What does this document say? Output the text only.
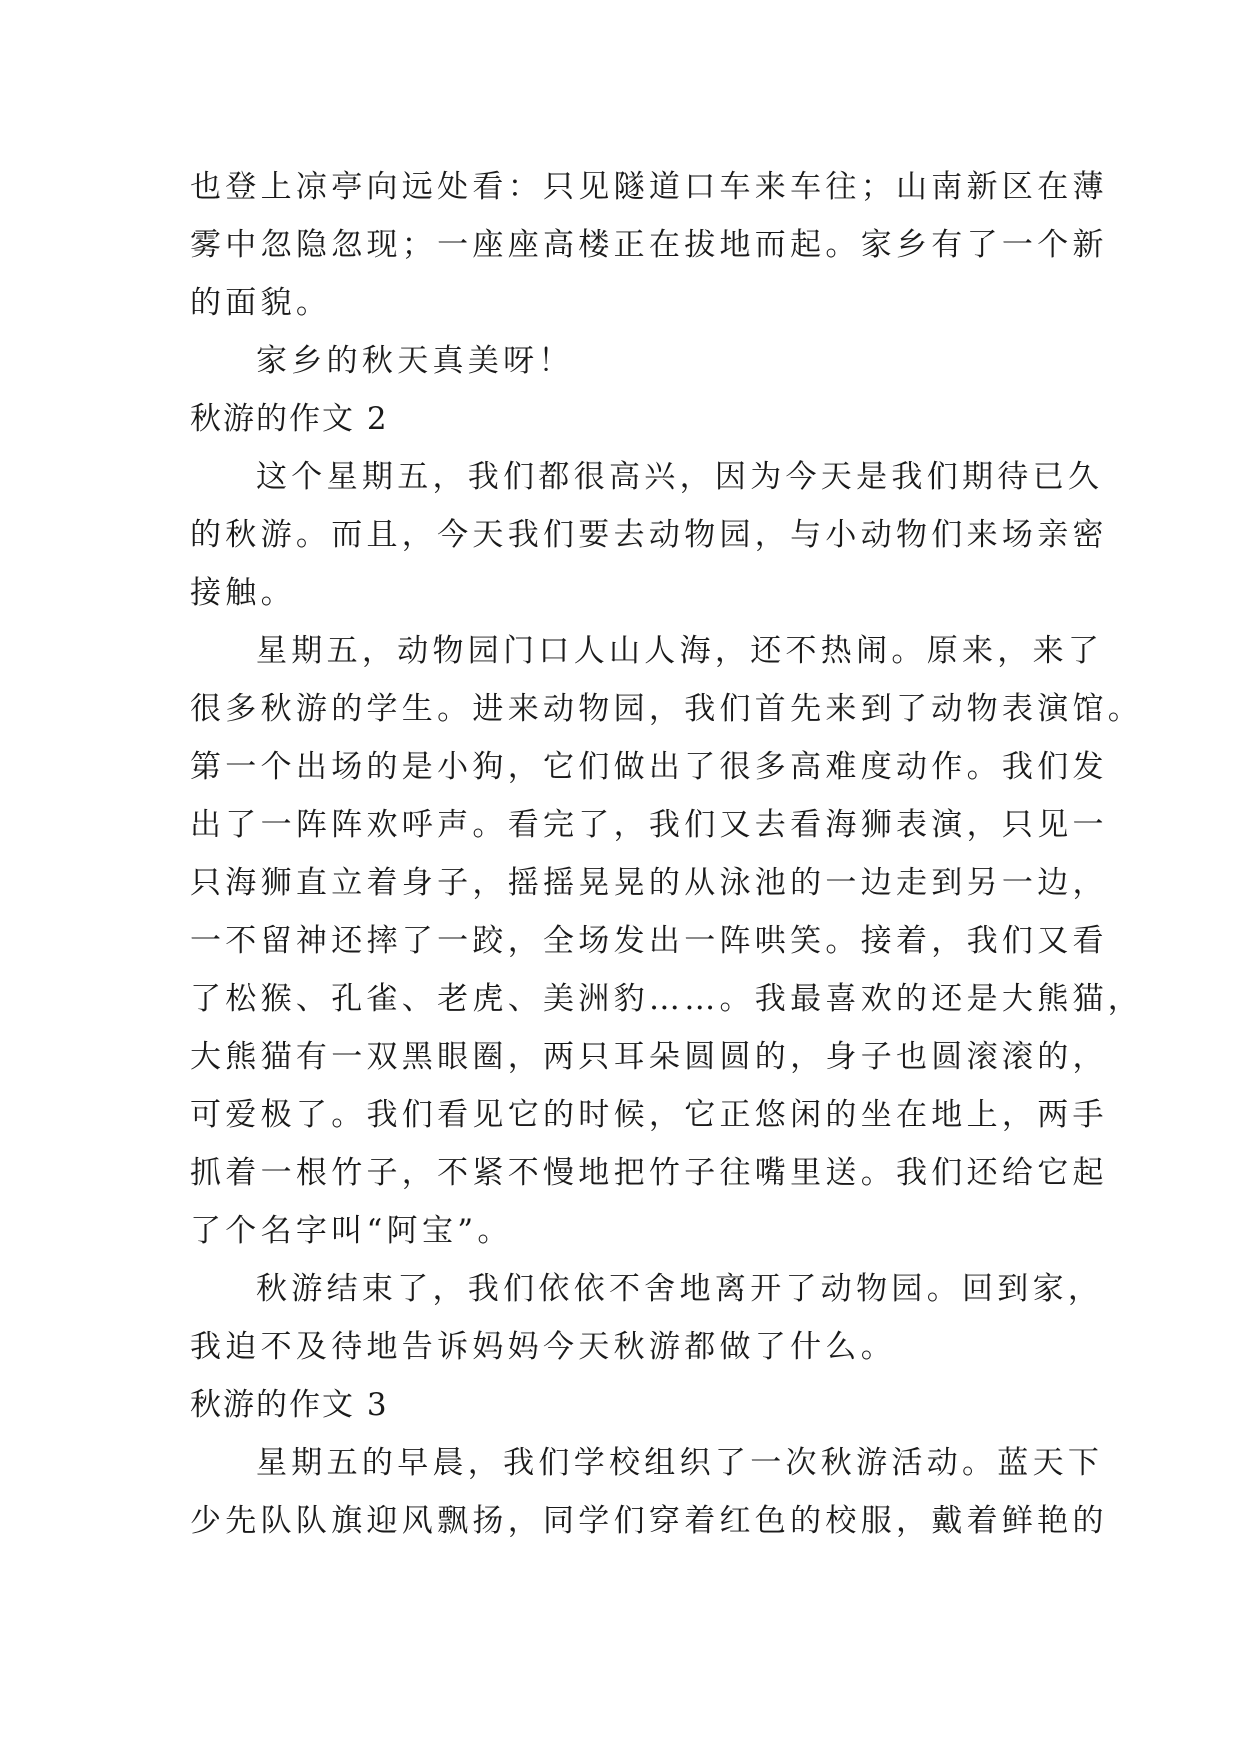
也登上凉亭向远处看：只见隧道口车来车往；山南新区在薄
雾中忽隐忽现；一座座高楼正在拔地而起。家乡有了一个新
的面貌。
家乡的秋天真美呀！
秋游的作文 2
这个星期五，我们都很高兴，因为今天是我们期待已久
的秋游。而且，今天我们要去动物园，与小动物们来场亲密
接触。
星期五，动物园门口人山人海，还不热闹。原来，来了
很多秋游的学生。进来动物园，我们首先来到了动物表演馆。
第一个出场的是小狗，它们做出了很多高难度动作。我们发
出了一阵阵欢呼声。看完了，我们又去看海狮表演，只见一
只海狮直立着身子，摇摇晃晃的从泳池的一边走到另一边，
一不留神还摔了一跤，全场发出一阵哄笑。接着，我们又看
了松猴、孔雀、老虎、美洲豹……。我最喜欢的还是大熊猫，
大熊猫有一双黑眼圈，两只耳朵圆圆的，身子也圆滚滚的，
可爱极了。我们看见它的时候，它正悠闲的坐在地上，两手
抓着一根竹子，不紧不慢地把竹子往嘴里送。我们还给它起
了个名字叫“阿宝”。
秋游结束了，我们依依不舍地离开了动物园。回到家，
我迫不及待地告诉妈妈今天秋游都做了什么。
秋游的作文 3
星期五的早晨，我们学校组织了一次秋游活动。蓝天下
少先队队旗迎风飘扬，同学们穿着红色的校服，戴着鲜艳的
